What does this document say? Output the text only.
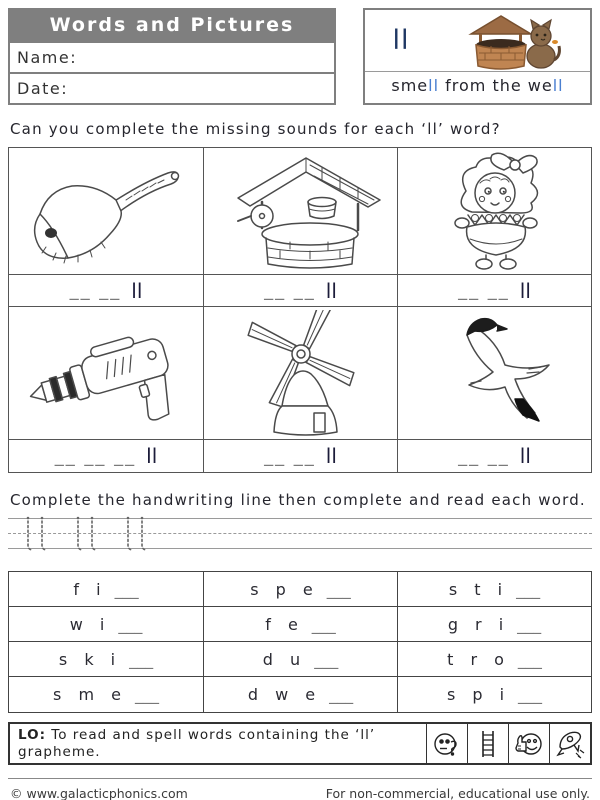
Words and Pictures
Name:
Date:
ll
smell from the well
Can you complete the missing sounds for each ‘ll’ word?
__ __ ll	__ __ ll	__ __ ll
__ __ __ ll	__ __ ll	__ __ ll
Complete the handwriting line then complete and read each word.
f i ___	s p e ___	s t i ___
w i ___	f e ___	g r i ___
s k i ___	d u ___	t r o ___
s m e ___	d w e ___	s p i ___
LO: To read and spell words containing the ‘ll’ grapheme.
© www.galacticphonics.com	For non-commercial, educational use only.
